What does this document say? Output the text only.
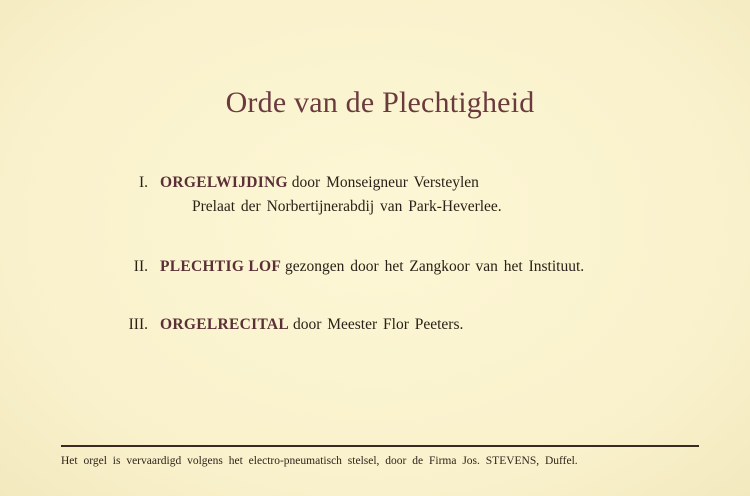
Orde van de Plechtigheid
I. ORGELWIJDING door Monseigneur Versteylen
Prelaat der Norbertijnerabdij van Park-Heverlee.
II. PLECHTIG LOF gezongen door het Zangkoor van het Instituut.
III. ORGELRECITAL door Meester Flor Peeters.
Het orgel is vervaardigd volgens het electro-pneumatisch stelsel, door de Firma Jos. STEVENS, Duffel.
